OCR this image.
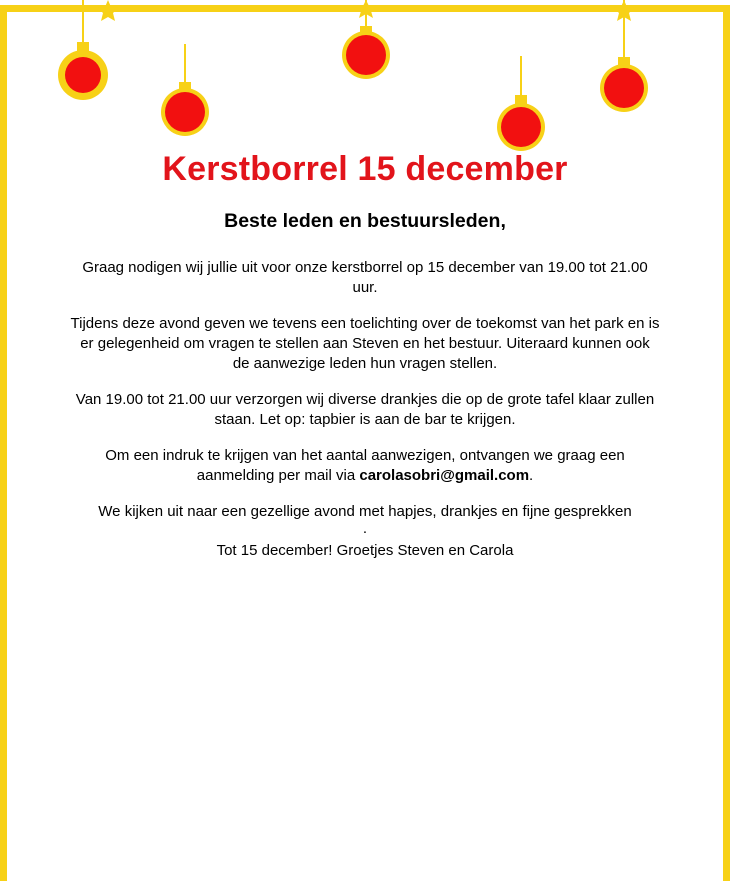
Kerstborrel 15 december
Beste leden en bestuursleden,
Graag nodigen wij jullie uit voor onze kerstborrel op 15 december van 19.00 tot 21.00 uur.
Tijdens deze avond geven we tevens een toelichting over de toekomst van het park en is er gelegenheid om vragen te stellen aan Steven en het bestuur. Uiteraard kunnen ook de aanwezige leden hun vragen stellen.
Van 19.00 tot 21.00 uur verzorgen wij diverse drankjes die op de grote tafel klaar zullen staan. Let op: tapbier is aan de bar te krijgen.
Om een indruk te krijgen van het aantal aanwezigen, ontvangen we graag een aanmelding per mail via carolasobri@gmail.com.
We kijken uit naar een gezellige avond met hapjes, drankjes en fijne gesprekken
.
Tot 15 december! Groetjes Steven en Carola
